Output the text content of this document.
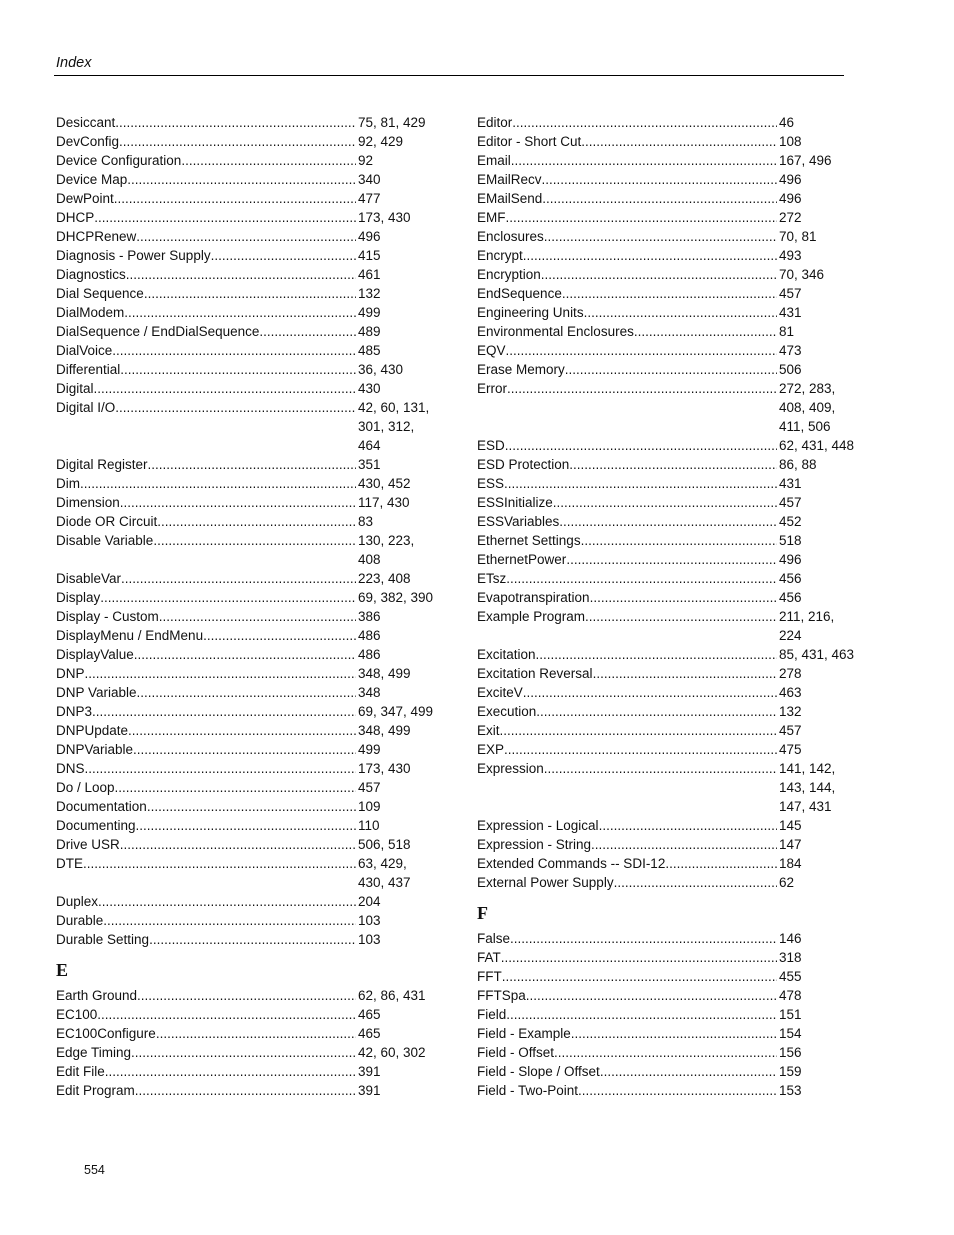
Index
Desiccant .....	75, 81, 429
DevConfig .....	92, 429
Device Configuration .....	92
Device Map .....	340
DewPoint .....	477
DHCP .....	173, 430
DHCPRenew .....	496
Diagnosis - Power Supply .....	415
Diagnostics .....	461
Dial Sequence .....	132
DialModem .....	499
DialSequence / EndDialSequence .....	489
DialVoice .....	485
Differential .....	36, 430
Digital .....	430
Digital I/O .....	42, 60, 131, 301, 312, 464
Digital Register .....	351
Dim .....	430, 452
Dimension .....	117, 430
Diode OR Circuit .....	83
Disable Variable .....	130, 223, 408
DisableVar .....	223, 408
Display .....	69, 382, 390
Display - Custom .....	386
DisplayMenu / EndMenu .....	486
DisplayValue .....	486
DNP .....	348, 499
DNP Variable .....	348
DNP3 .....	69, 347, 499
DNPUpdate .....	348, 499
DNPVariable .....	499
DNS .....	173, 430
Do / Loop .....	457
Documentation .....	109
Documenting .....	110
Drive USR .....	506, 518
DTE .....	63, 429, 430, 437
Duplex .....	204
Durable .....	103
Durable Setting .....	103
E
Earth Ground .....	62, 86, 431
EC100 .....	465
EC100Configure .....	465
Edge Timing .....	42, 60, 302
Edit File .....	391
Edit Program .....	391
Editor .....	46
Editor - Short Cut .....	108
Email .....	167, 496
EMailRecv .....	496
EMailSend .....	496
EMF .....	272
Enclosures .....	70, 81
Encrypt .....	493
Encryption .....	70, 346
EndSequence .....	457
Engineering Units .....	431
Environmental Enclosures .....	81
EQV .....	473
Erase Memory .....	506
Error .....	272, 283, 408, 409, 411, 506
ESD .....	62, 431, 448
ESD Protection .....	86, 88
ESS .....	431
ESSInitialize .....	457
ESSVariables .....	452
Ethernet Settings .....	518
EthernetPower .....	496
ETsz .....	456
Evapotranspiration .....	456
Example Program .....	211, 216, 224
Excitation .....	85, 431, 463
Excitation Reversal .....	278
ExciteV .....	463
Execution .....	132
Exit .....	457
EXP .....	475
Expression .....	141, 142, 143, 144, 147, 431
Expression - Logical .....	145
Expression - String .....	147
Extended Commands -- SDI-12 .....	184
External Power Supply .....	62
F
False .....	146
FAT .....	318
FFT .....	455
FFTSpa .....	478
Field .....	151
Field - Example .....	154
Field - Offset .....	156
Field - Slope / Offset .....	159
Field - Two-Point .....	153
554
